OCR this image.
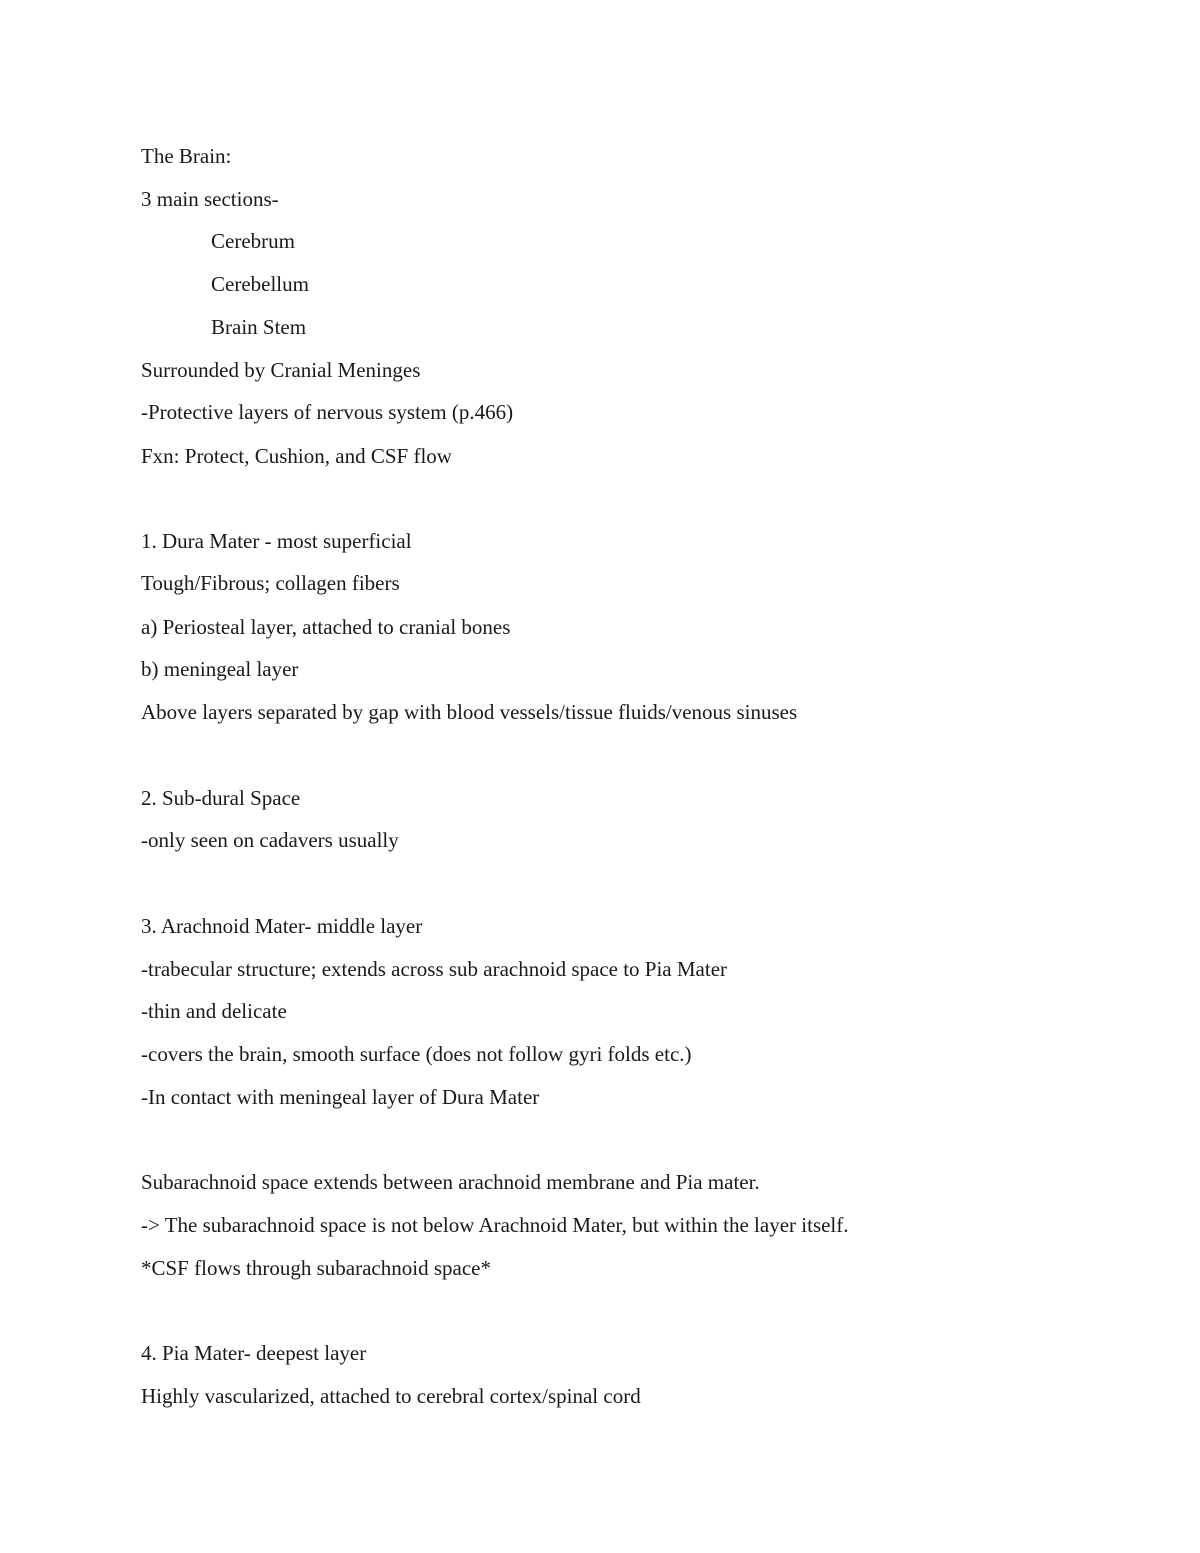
The Brain:
3 main sections-
Cerebrum
Cerebellum
Brain Stem
Surrounded by Cranial Meninges
-Protective layers of nervous system (p.466)
Fxn: Protect, Cushion, and CSF flow
1. Dura Mater - most superficial
Tough/Fibrous; collagen fibers
a) Periosteal layer, attached to cranial bones
b) meningeal layer
Above layers separated by gap with blood vessels/tissue fluids/venous sinuses
2. Sub-dural Space
-only seen on cadavers usually
3. Arachnoid Mater- middle layer
-trabecular structure; extends across sub arachnoid space to Pia Mater
-thin and delicate
-covers the brain, smooth surface (does not follow gyri folds etc.)
-In contact with meningeal layer of Dura Mater
Subarachnoid space extends between arachnoid membrane and Pia mater.
-> The subarachnoid space is not below Arachnoid Mater, but within the layer itself.
*CSF flows through subarachnoid space*
4. Pia Mater- deepest layer
Highly vascularized, attached to cerebral cortex/spinal cord
